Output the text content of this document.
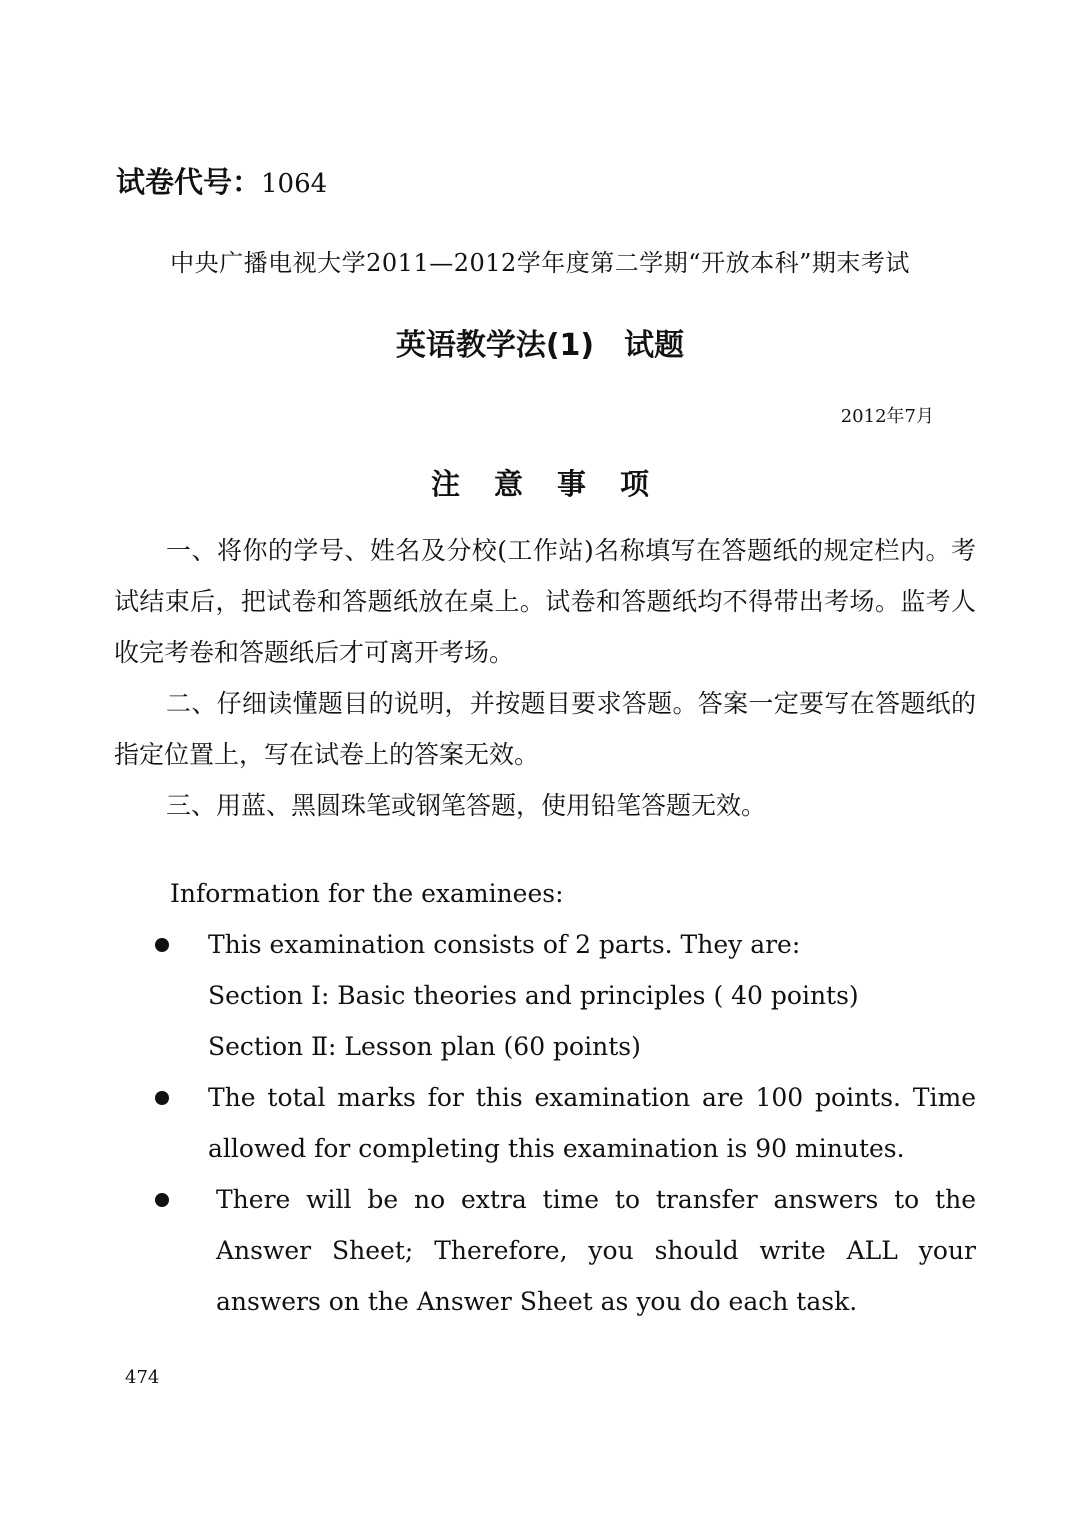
试卷代号：1064
中央广播电视大学2011—2012学年度第二学期“开放本科”期末考试
英语教学法(1)　试题
2012年7月
注意事项

一、将你的学号、姓名及分校(工作站)名称填写在答题纸的规定栏内。考试结束后，把试卷和答题纸放在桌上。试卷和答题纸均不得带出考场。监考人收完考卷和答题纸后才可离开考场。

二、仔细读懂题目的说明，并按题目要求答题。答案一定要写在答题纸的指定位置上，写在试卷上的答案无效。

三、用蓝、黑圆珠笔或钢笔答题，使用铅笔答题无效。

Information for the examinees:
This examination consists of 2 parts. They are:
Section Ⅰ: Basic theories and principles ( 40 points)
Section Ⅱ: Lesson plan (60 points)
The total marks for this examination are 100 points. Time allowed for completing this examination is 90 minutes.
There will be no extra time to transfer answers to the Answer Sheet; Therefore, you should write ALL your answers on the Answer Sheet as you do each task.
474
